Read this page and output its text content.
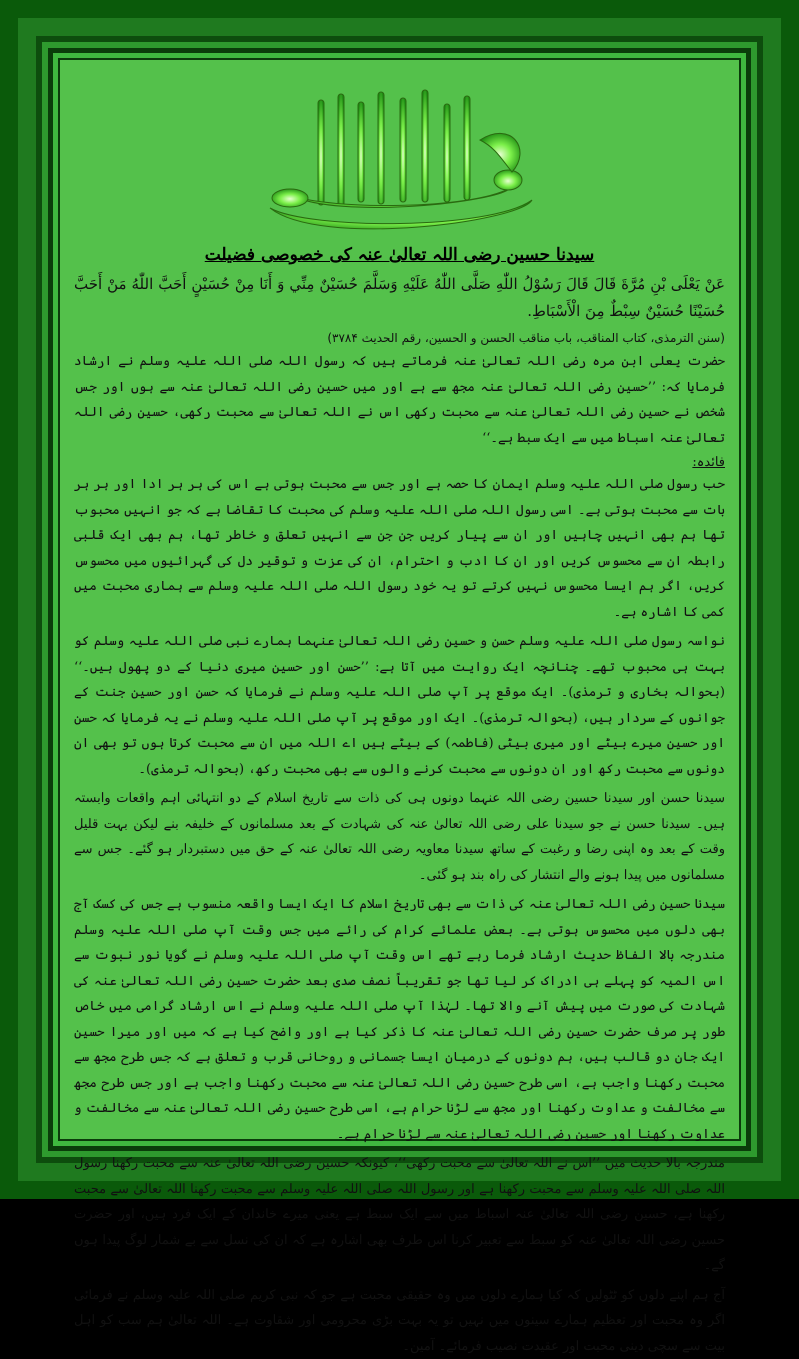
سیدنا حسین رضی اللہ تعالیٰ عنہ کی خصوصی فضیلت

عَنْ يَعْلَى بْنِ مُرَّةَ قَالَ قَالَ رَسُوْلُ اللّٰهِ صَلَّى اللّٰهُ عَلَيْهِ وَسَلَّمَ حُسَيْنٌ مِنِّي وَ أَنَا مِنْ حُسَيْنٍ أَحَبَّ اللّٰهُ مَنْ أَحَبَّ حُسَيْنًا حُسَيْنٌ سِبْطٌ مِنَ الْأَسْبَاطِ.

(سنن الترمذی، کتاب المناقب، باب مناقب الحسن و الحسین، رقم الحدیث ۳۷۸۴)

حضرت یعلی ابن مرہ رضی اللہ تعالیٰ عنہ فرماتے ہیں کہ رسول اللہ صلی اللہ علیہ وسلم نے ارشاد فرمایا کہ: ’’حسین رضی اللہ تعالیٰ عنہ مجھ سے ہے اور میں حسین رضی اللہ تعالیٰ عنہ سے ہوں اور جس شخص نے حسین رضی اللہ تعالیٰ عنہ سے محبت رکھی اس نے اللہ تعالیٰ سے محبت رکھی، حسین رضی اللہ تعالیٰ عنہ اسباط میں سے ایک سبط ہے۔‘‘

فائدہ:

حب رسول صلی اللہ علیہ وسلم ایمان کا حصہ ہے اور جس سے محبت ہوتی ہے اس کی ہر ہر ادا اور ہر ہر بات سے محبت ہوتی ہے۔ اسی رسول اللہ صلی اللہ علیہ وسلم کی محبت کا تقاضا ہے کہ جو انہیں محبوب تھا ہم بھی انہیں چاہیں اور ان سے پیار کریں جن جن سے انہیں تعلق و خاطر تھا، ہم بھی ایک قلبی رابطہ ان سے محسوس کریں اور ان کا ادب و احترام، ان کی عزت و توقیر دل کی گہرائیوں میں محسوس کریں، اگر ہم ایسا محسوس نہیں کرتے تو یہ خود رسول اللہ صلی اللہ علیہ وسلم سے ہماری محبت میں کمی کا اشارہ ہے۔

نواسہ رسول صلی اللہ علیہ وسلم حسن و حسین رضی اللہ تعالیٰ عنہما ہمارے نبی صلی اللہ علیہ وسلم کو بہت ہی محبوب تھے۔ چنانچہ ایک روایت میں آتا ہے: ’’حسن اور حسین میری دنیا کے دو پھول ہیں۔‘‘ (بحوالہ بخاری و ترمذی)۔ ایک موقع پر آپ صلی اللہ علیہ وسلم نے فرمایا کہ حسن اور حسین جنت کے جوانوں کے سردار ہیں، (بحوالہ ترمذی)۔ ایک اور موقع پر آپ صلی اللہ علیہ وسلم نے یہ فرمایا کہ حسن اور حسین میرے بیٹے اور میری بیٹی (فاطمہ) کے بیٹے ہیں اے اللہ میں ان سے محبت کرتا ہوں تو بھی ان دونوں سے محبت رکھ اور ان دونوں سے محبت کرنے والوں سے بھی محبت رکھ، (بحوالہ ترمذی)۔

سیدنا حسن اور سیدنا حسین رضی اللہ عنہما دونوں ہی کی ذات سے تاریخ اسلام کے دو انتہائی اہم واقعات وابستہ ہیں۔ سیدنا حسن نے جو سیدنا علی رضی اللہ تعالیٰ عنہ کی شہادت کے بعد مسلمانوں کے خلیفہ بنے لیکن بہت قلیل وقت کے بعد وہ اپنی رضا و رغبت کے ساتھ سیدنا معاویہ رضی اللہ تعالیٰ عنہ کے حق میں دستبردار ہو گئے۔ جس سے مسلمانوں میں پیدا ہونے والے انتشار کی راہ بند ہو گئی۔

سیدنا حسین رضی اللہ تعالیٰ عنہ کی ذات سے بھی تاریخ اسلام کا ایک ایسا واقعہ منسوب ہے جس کی کسک آج بھی دلوں میں محسوس ہوتی ہے۔ بعض علمائے کرام کی رائے میں جس وقت آپ صلی اللہ علیہ وسلم مندرجہ بالا الفاظ حدیث ارشاد فرما رہے تھے اس وقت آپ صلی اللہ علیہ وسلم نے گویا نور نبوت سے اس المیہ کو پہلے ہی ادراک کر لیا تھا جو تقریباً نصف صدی بعد حضرت حسین رضی اللہ تعالیٰ عنہ کی شہادت کی صورت میں پیش آنے والا تھا۔ لہٰذا آپ صلی اللہ علیہ وسلم نے اس ارشاد گرامی میں خاص طور پر صرف حضرت حسین رضی اللہ تعالیٰ عنہ کا ذکر کیا ہے اور واضح کیا ہے کہ میں اور میرا حسین ایک جان دو قالب ہیں، ہم دونوں کے درمیان ایسا جسمانی و روحانی قرب و تعلق ہے کہ جس طرح مجھ سے محبت رکھنا واجب ہے، اسی طرح حسین رضی اللہ تعالیٰ عنہ سے محبت رکھنا واجب ہے اور جس طرح مجھ سے مخالفت و عداوت رکھنا اور مجھ سے لڑنا حرام ہے، اسی طرح حسین رضی اللہ تعالیٰ عنہ سے مخالفت و عداوت رکھنا اور حسین رضی اللہ تعالیٰ عنہ سے لڑنا حرام ہے۔

مندرجہ بالا حدیث میں ’’اس نے اللہ تعالیٰ سے محبت رکھی‘‘، کیونکہ حسین رضی اللہ تعالیٰ عنہ سے محبت رکھنا رسول اللہ صلی اللہ علیہ وسلم سے محبت رکھنا ہے اور رسول اللہ صلی اللہ علیہ وسلم سے محبت رکھنا اللہ تعالیٰ سے محبت رکھنا ہے، حسین رضی اللہ تعالیٰ عنہ اسباط میں سے ایک سبط ہے یعنی میرے خاندان کے ایک فرد ہیں، اور حضرت حسین رضی اللہ تعالیٰ عنہ کو سبط سے تعبیر کرنا اس طرف بھی اشارہ ہے کہ ان کی نسل سے بے شمار لوگ پیدا ہوں گے۔

آج ہم اپنے دلوں کو ٹٹولیں کہ کیا ہمارے دلوں میں وہ حقیقی محبت ہے جو کہ نبی کریم صلی اللہ علیہ وسلم نے فرمائی اگر وہ محبت اور تعظیم ہمارے سینوں میں نہیں تو یہ بہت بڑی محرومی اور شقاوت ہے۔ اللہ تعالیٰ ہم سب کو اہل بیت سے سچی دینی محبت اور عقیدت نصیب فرمائے۔ آمین۔
